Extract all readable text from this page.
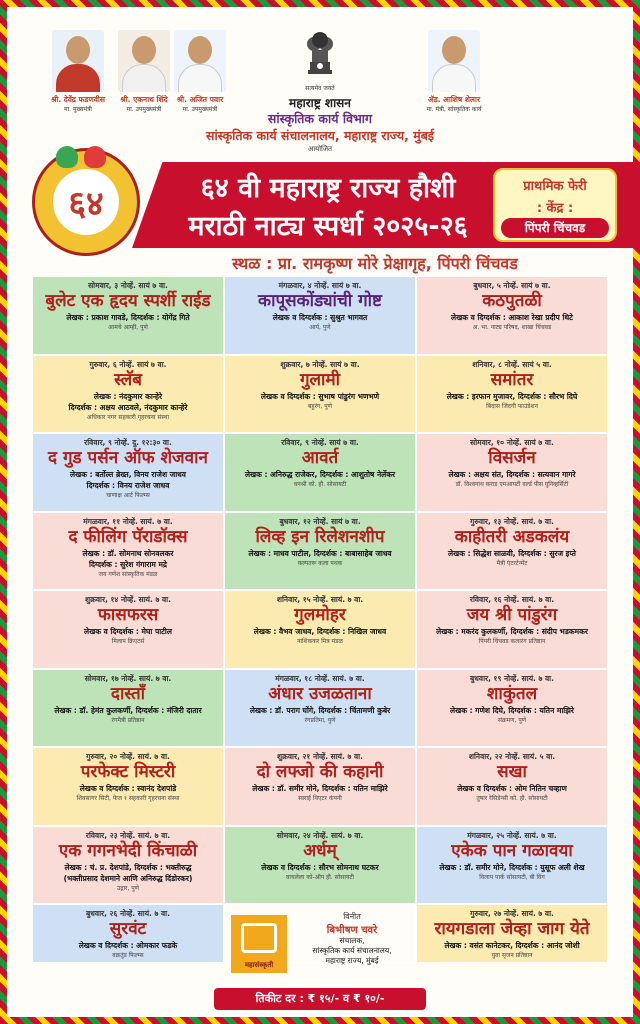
श्री. देवेंद्र फडणवीस
मा. मुख्यमंत्री
श्री. एकनाथ शिंदे
मा. उपमुख्यमंत्री
श्री. अजित पवार
मा. उपमुख्यमंत्री
ॲड. आशिष शेलार
मा. मंत्री, सांस्कृतिक कार्य
सत्यमेव जयते
महाराष्ट्र शासन
सांस्कृतिक कार्य विभाग
सांस्कृतिक कार्य संचालनालय, महाराष्ट्र राज्य, मुंबई
आयोजित
६४	६४ वी महाराष्ट्र राज्य हौशी
मराठी नाट्य स्पर्धा २०२५-२६
प्राथमिक फेरी
: केंद्र :
पिंपरी चिंचवड
स्थळ : प्रा. रामकृष्ण मोरे प्रेक्षागृह, पिंपरी चिंचवड
सोमवार, ३ नोव्हें. सायं ७ वा.
बुलेट एक हृदय स्पर्शी राईड
लेखक : प्रकाश गावडे, दिग्दर्शक : योगेंद्र गिते
आमचे आम्ही, पुणे
मंगळवार, ४ नोव्हें. सायं ७ वा.
कापूसकोंड्यांची गोष्ट
लेखक व दिग्दर्शक : सुश्रुत भागवत
आर्य, पुणे
बुधवार, ५ नोव्हें. सायं ७ वा.
कठपुतळी
लेखक व दिग्दर्शक : आकाश रेखा प्रदीप थिटे
अ. भा. नाट्य परिषद, शाखा चिंचवड
गुरुवार, ६ नोव्हें. सायं ७ वा.
स्लॅब
लेखक : नंदकुमार कान्हेरे
दिग्दर्शक : अक्षय आठवले, नंदकुमार कान्हेरे
अधिकार नगर सहकारी गृहरचना संस्था
शुक्रवार, ७ नोव्हें. सायं ७ वा.
गुलामी
लेखक व दिग्दर्शक : सुभाष पांडुरंग भणभणे
बहुरंग, पुणे
शनिवार, ८ नोव्हें. सायं ५ वा.
समांतर
लेखक : इरफान मुजावर, दिग्दर्शक : सौरभ दिघे
बिंदास जिंदगी फाउंडेशन
रविवार, ९ नोव्हें. दु. १२:३० वा.
द गुड पर्सन ऑफ शेजवान
लेखक : बर्तोल्त ब्रेख्त, विनय राजेश जाधव
दिग्दर्शक : विनय राजेश जाधव
चाणाक्ष आर्ट फिल्म्स
रविवार, ९ नोव्हें. सायं ७ वा.
आवर्त
लेखक : अनिरुद्ध राजेकर, दिग्दर्शक : आशुतोष नेर्लेकर
धनश्री को. हौ. सोसायटी
सोमवार, १० नोव्हें. सायं ७ वा.
विसर्जन
लेखक : अक्षय संत, दिग्दर्शक : सत्यवान गागरे
डॉ. विश्वनाथ कराड एमआयटी वर्ल्ड पीस युनिव्हर्सिटी
मंगळवार, ११ नोव्हें. सायं. ७ वा.
द फीलिंग पॅराडॉक्स
लेखक : डॉ. सोमनाथ सोनवलकर
दिग्दर्शक : सुरेश गंगाराम मद्रे
जय गणेश सांस्कृतिक मंडळ
बुधवार, १२ नोव्हें. सायं ७ वा.
लिव्ह इन रिलेशनशीप
लेखक : माधव पाटील, दिग्दर्शक : बाबासाहेब जाधव
कल्पतरू कला पथक
गुरुवार, १३ नोव्हें. सायं. ७ वा.
काहीतरी अडकलंय
लेखक : सिद्धेश साळवी, दिग्दर्शक : सुरज इप्ते
मैत्री एंटरटेन्मेंट
शुक्रवार, १४ नोव्हें. सायं. ७ वा.
फासफरस
लेखक व दिग्दर्शक : मेघा पाटील
मिलाप क्रिएटर्स
शनिवार, १५ नोव्हें. सायं. ७ वा.
गुलमोहर
लेखक : वैभव जाधव, दिग्दर्शक : निखिल जाधव
नाशिककर मित्र मंडळ
रविवार, १६ नोव्हें. सायं. ७ वा.
जय श्री पांडुरंग
लेखक : मकरंद कुलकर्णी, दिग्दर्शक : संदीप भडकमकर
पिंपरी चिंचवड कलारंग प्रतिष्ठान
सोमवार, १७ नोव्हें. सायं. ७ वा.
दास्ताँ
लेखक : डॉ. हेमंत कुलकर्णी, दिग्दर्शक : मंजिरी दातार
रंगमैत्री प्रतिष्ठान
मंगळवार, १८ नोव्हें. सायं. ७ वा.
अंधार उजळताना
लेखक : डॉ. पराग घोंगे, दिग्दर्शक : चिंतामणी कुबेर
रंगप्रतिमा, पुणे
बुधवार, १९ नोव्हें. सायं. ७ वा.
शाकुंतल
लेखक : गणेश दिघे, दिग्दर्शक : यतिन माझिरे
संक्रमण, पुणे
गुरुवार, २० नोव्हें. सायं. ७ वा.
परफेक्ट मिस्टरी
लेखक व दिग्दर्शक : स्वानंद देशपांडे
शिवसागर सिटी, फेज १ सहकारी गृहरचना संस्था
शुक्रवार, २१ नोव्हें. सायं. ७ वा.
दो लफ्जो की कहानी
लेखक : डॉ. समीर मोने, दिग्दर्शक : यतिन माझिरे
स्वराई थिएटर कंपनी
शनिवार, २२ नोव्हें. सायं. ५ वा.
सखा
लेखक व दिग्दर्शक : ओम नितिन चव्हाण
तुषार रेसिडेन्सी को. हौ. सोसायटी
रविवार, २३ नोव्हें. सायं. ७ वा.
एक गगनभेदी किंचाळी
लेखक : चं. प्र. देशपांडे, दिग्दर्शक : भक्तीरुद्ध
(भक्तीप्रसाद देशमाने आणि अनिरुद्ध दिंडोरकर)
उद्गार, पुणे
सोमवार, २४ नोव्हें. सायं. ७ वा.
अर्धम्
लेखक व दिग्दर्शक : सौरभ सोमनाथ घटकर
वाचलेला को-ऑप हौ. सोसायटी
मंगळवार, २५ नोव्हें. सायं. ७ वा.
एकेक पान गळावया
लेखक : डॉ. समीर मोने, दिग्दर्शक : युसूफ अली शेख
विलाप पार्क सोसायटी, बी विंग
बुधवार, २६ नोव्हें. सायं. ७ वा.
सुरवंट
लेखक व दिग्दर्शक : ओमकार फडके
वक्रतुंड फिल्म्स
महासंस्कृती
विनीत
बिभीषण चवरे
संचालक,
सांस्कृतिक कार्य संचालनालय,
महाराष्ट्र राज्य, मुंबई
गुरुवार, २७ नोव्हें. सायं. ७ वा.
रायगडाला जेव्हा जाग येते
लेखक : वसंत कानेटकर, दिग्दर्शक : आनंद जोशी
युवा सृजन प्रतिष्ठान
तिकीट दर : ₹ १५/- व ₹ १०/-
